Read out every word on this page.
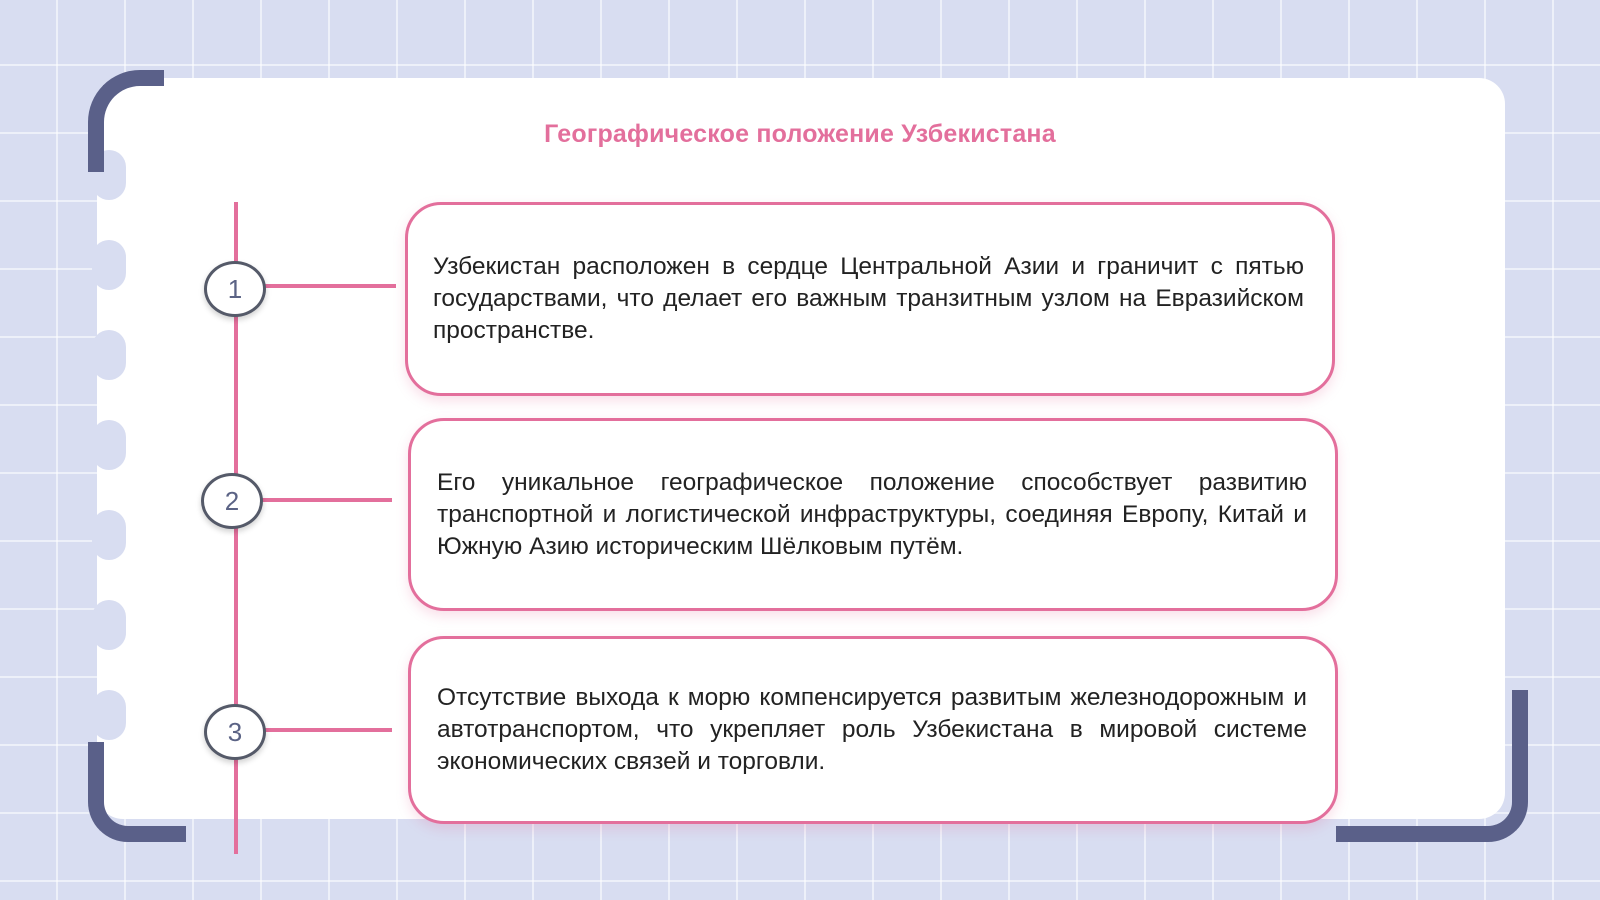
Географическое положение Узбекистана
1
2
3

Узбекистан расположен в сердце Центральной Азии и граничит с пятью государствами, что делает его важным транзитным узлом на Евразийском пространстве.

Его уникальное географическое положение способствует развитию транспортной и логистической инфраструктуры, соединяя Европу, Китай и Южную Азию историческим Шёлковым путём.

Отсутствие выхода к морю компенсируется развитым железнодорожным и автотранспортом, что укрепляет роль Узбекистана в мировой системе экономических связей и торговли.
